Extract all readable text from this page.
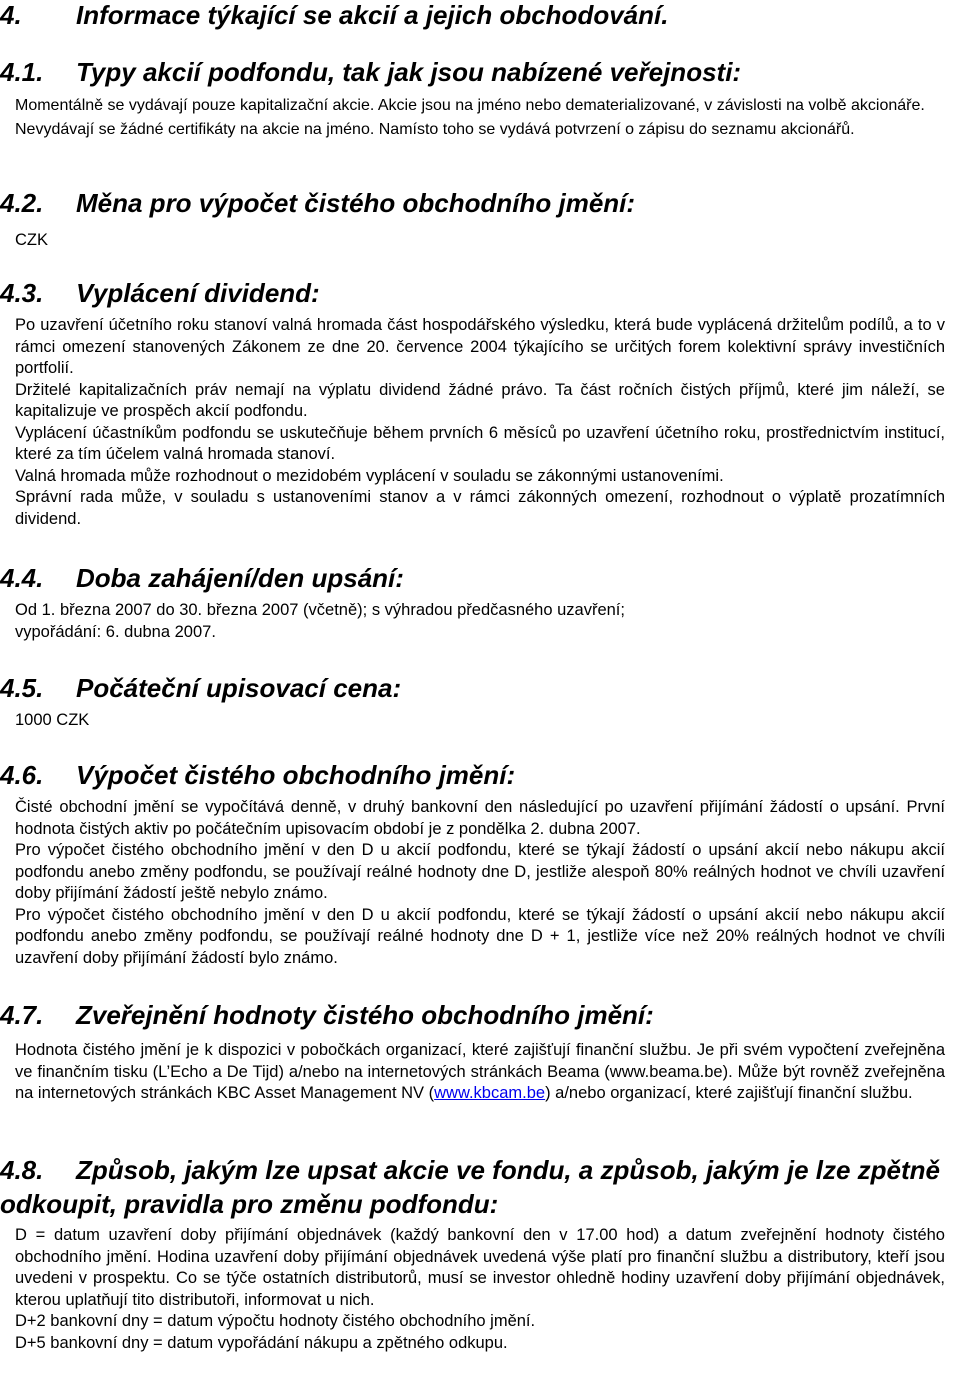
4. Informace týkající se akcií a jejich obchodování.
4.1. Typy akcií podfondu, tak jak jsou nabízené veřejnosti:

Momentálně se vydávají pouze kapitalizační akcie. Akcie jsou na jméno nebo dematerializované, v závislosti na volbě akcionáře. Nevydávají se žádné certifikáty na akcie na jméno. Namísto toho se vydává potvrzení o zápisu do seznamu akcionářů.

4.2. Měna pro výpočet čistého obchodního jmění:

CZK

4.3. Vyplácení dividend:

Po uzavření účetního roku stanoví valná hromada část hospodářského výsledku, která bude vyplácená držitelům podílů, a to v rámci omezení stanovených Zákonem ze dne 20. července 2004 týkajícího se určitých forem kolektivní správy investičních portfolií.

Držitelé kapitalizačních práv nemají na výplatu dividend žádné právo. Ta část ročních čistých příjmů, které jim náleží, se kapitalizuje ve prospěch akcií podfondu.

Vyplácení účastníkům podfondu se uskutečňuje během prvních 6 měsíců po uzavření účetního roku, prostřednictvím institucí, které za tím účelem valná hromada stanoví.

Valná hromada může rozhodnout o mezidobém vyplácení v souladu se zákonnými ustanoveními.

Správní rada může, v souladu s ustanoveními stanov a v rámci zákonných omezení, rozhodnout o výplatě prozatímních dividend.

4.4. Doba zahájení/den upsání:

Od 1. března 2007 do 30. března 2007 (včetně); s výhradou předčasného uzavření;

vypořádání: 6. dubna 2007.

4.5. Počáteční upisovací cena:

1000 CZK

4.6. Výpočet čistého obchodního jmění:

Čisté obchodní jmění se vypočítává denně, v druhý bankovní den následující po uzavření přijímání žádostí o upsání. První hodnota čistých aktiv po počátečním upisovacím období je z pondělka 2. dubna 2007.

Pro výpočet čistého obchodního jmění v den D u akcií podfondu, které se týkají žádostí o upsání akcií nebo nákupu akcií podfondu anebo změny podfondu, se používají reálné hodnoty dne D, jestliže alespoň 80% reálných hodnot ve chvíli uzavření doby přijímání žádostí ještě nebylo známo.

Pro výpočet čistého obchodního jmění v den D u akcií podfondu, které se týkají žádostí o upsání akcií nebo nákupu akcií podfondu anebo změny podfondu, se používají reálné hodnoty dne D + 1, jestliže více než 20% reálných hodnot ve chvíli uzavření doby přijímání žádostí bylo známo.

4.7. Zveřejnění hodnoty čistého obchodního jmění:

Hodnota čistého jmění je k dispozici v pobočkách organizací, které zajišťují finanční službu. Je při svém vypočtení zveřejněna ve finančním tisku (L’Echo a De Tijd) a/nebo na internetových stránkách Beama (www.beama.be). Může být rovněž zveřejněna na internetových stránkách KBC Asset Management NV (www.kbcam.be) a/nebo organizací, které zajišťují finanční službu.

4.8. Způsob, jakým lze upsat akcie ve fondu, a způsob, jakým je lze zpětně odkoupit, pravidla pro změnu podfondu:

D = datum uzavření doby přijímání objednávek (každý bankovní den v 17.00 hod) a datum zveřejnění hodnoty čistého obchodního jmění. Hodina uzavření doby přijímání objednávek uvedená výše platí pro finanční službu a distributory, kteří jsou uvedeni v prospektu. Co se týče ostatních distributorů, musí se investor ohledně hodiny uzavření doby přijímání objednávek, kterou uplatňují tito distributoři, informovat u nich.

D+2 bankovní dny = datum výpočtu hodnoty čistého obchodního jmění.

D+5 bankovní dny = datum vypořádání nákupu a zpětného odkupu.
